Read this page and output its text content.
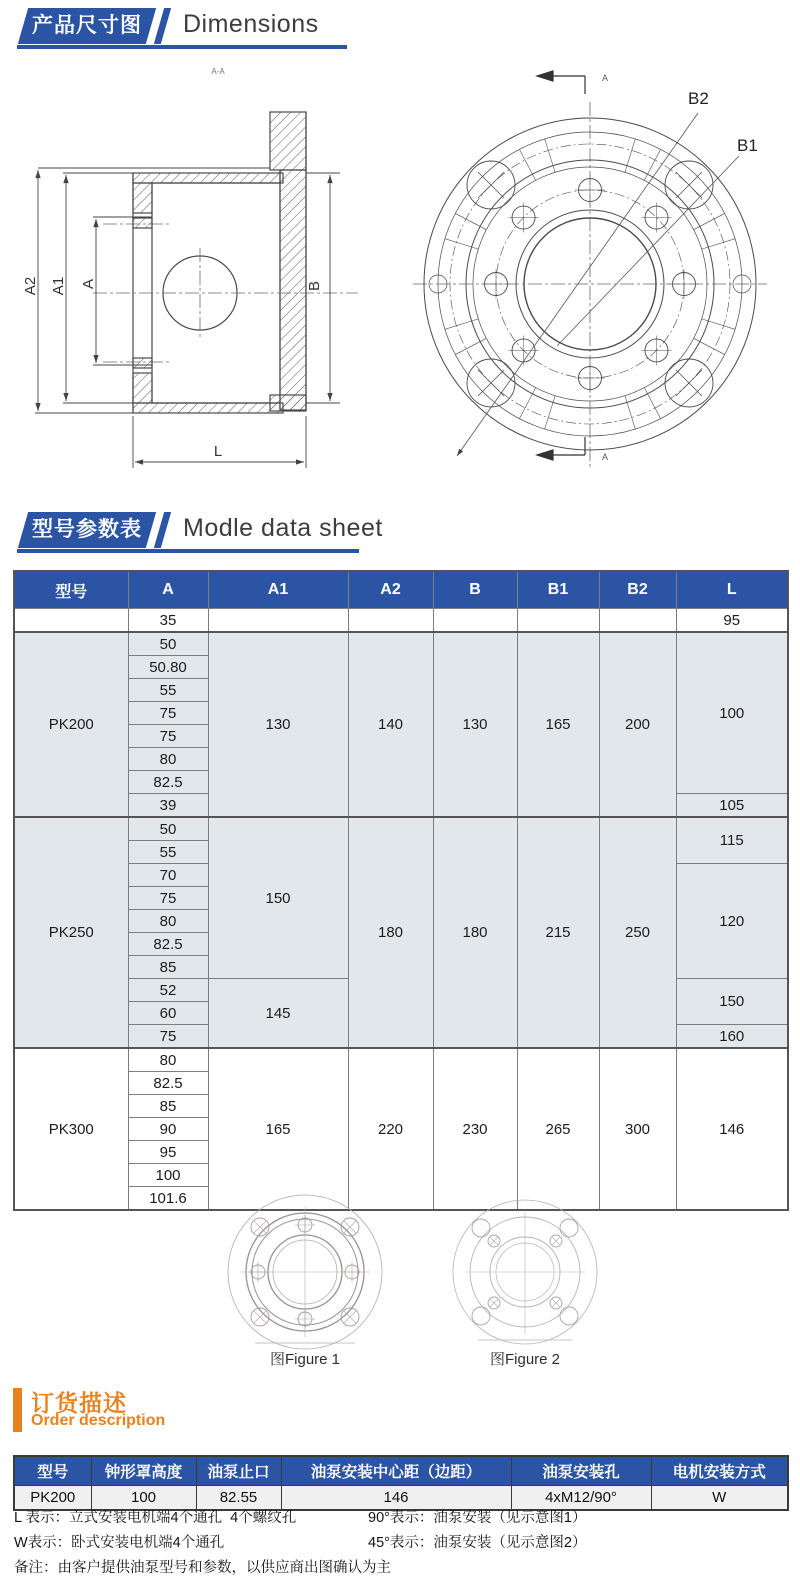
产品尺寸图	Dimensions
A-A
A2 A1 A	B
L
A
A
B2
B1
型号参数表	Modle data sheet
型号	A	A1	A2	B	B1	B2	L
	35						95
PK200	50	130	140	130	165	200	100
	50.80						
	55						
	75						
	75						
	80						
	82.5						
	39						105
PK250	50	150	180	180	215	250	115
	55						
	70						120
	75						
	80						
	82.5						
	85						
	52	145					150
	60						
	75						160
PK300	80	165	220	230	265	300	146
	82.5						
	85						
	90						
	95						
	100						
	101.6						
图Figure 1	图Figure 2
订货描述
Order description
型号	钟形罩高度	油泵止口	油泵安装中心距（边距）	油泵安装孔	电机安装方式
PK200	100	82.55	146	4xM12/90°	W
L 表示：立式安装电机端4个通孔  4个螺纹孔
W表示：卧式安装电机端4个通孔
备注：由客户提供油泵型号和参数，以供应商出图确认为主
90°表示：油泵安装（见示意图1）
45°表示：油泵安装（见示意图2）
